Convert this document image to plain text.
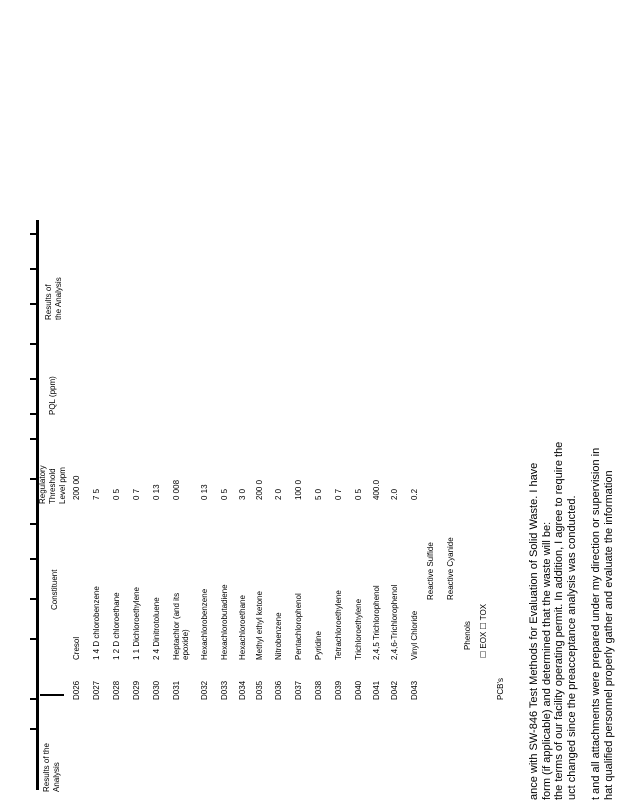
Results of the
Analysis
Constituent
Regulatory
Threshold
Level ppm
PQL (ppm)
Results of
the Analysis
D026
Cresol
200 00
D027
1 4 D chlorobenzene
7 5
D028
1 2 D chloroethane
0 5
D029
1 1 Dichloroethylene
0 7
D030
2 4 Dinitrotoluene
0 13
D031
Heptachlor (and its
epoxide)
0 008
D032
Hexachlorobenzene
0 13
D033
Hexachlorobutadiene
0 5
D034
Hexachloroethane
3 0
D035
Methyl ethyl ketone
200 0
D036
Nitrobenzene
2 0
D037
Pentachlorophenol
100 0
D038
Pyridine
5 0
D039
Tetrachloroethylene
0 7
D040
Trichloroethylene
0 5
D041
2,4,5 Trichlorophenol
400.0
D042
2,4,6-Trichlorophenol
2.0
D043
Vinyl Chloride
0.2
Reactive Sulfide Reactive Cyanide
Phenols ☐ EOX ☐ TOX
PCB's ance with SW-846 Test Methods for Evaluation of Solid Waste. I have form (if applicable) and determined that the waste will be: the terms of our facility operating permit. In addition, I agree to require the uct changed since the preacceptance analysis was conducted. t and all attachments were prepared under my direction or supervision in hat qualified personnel properly gather and evaluate the information
